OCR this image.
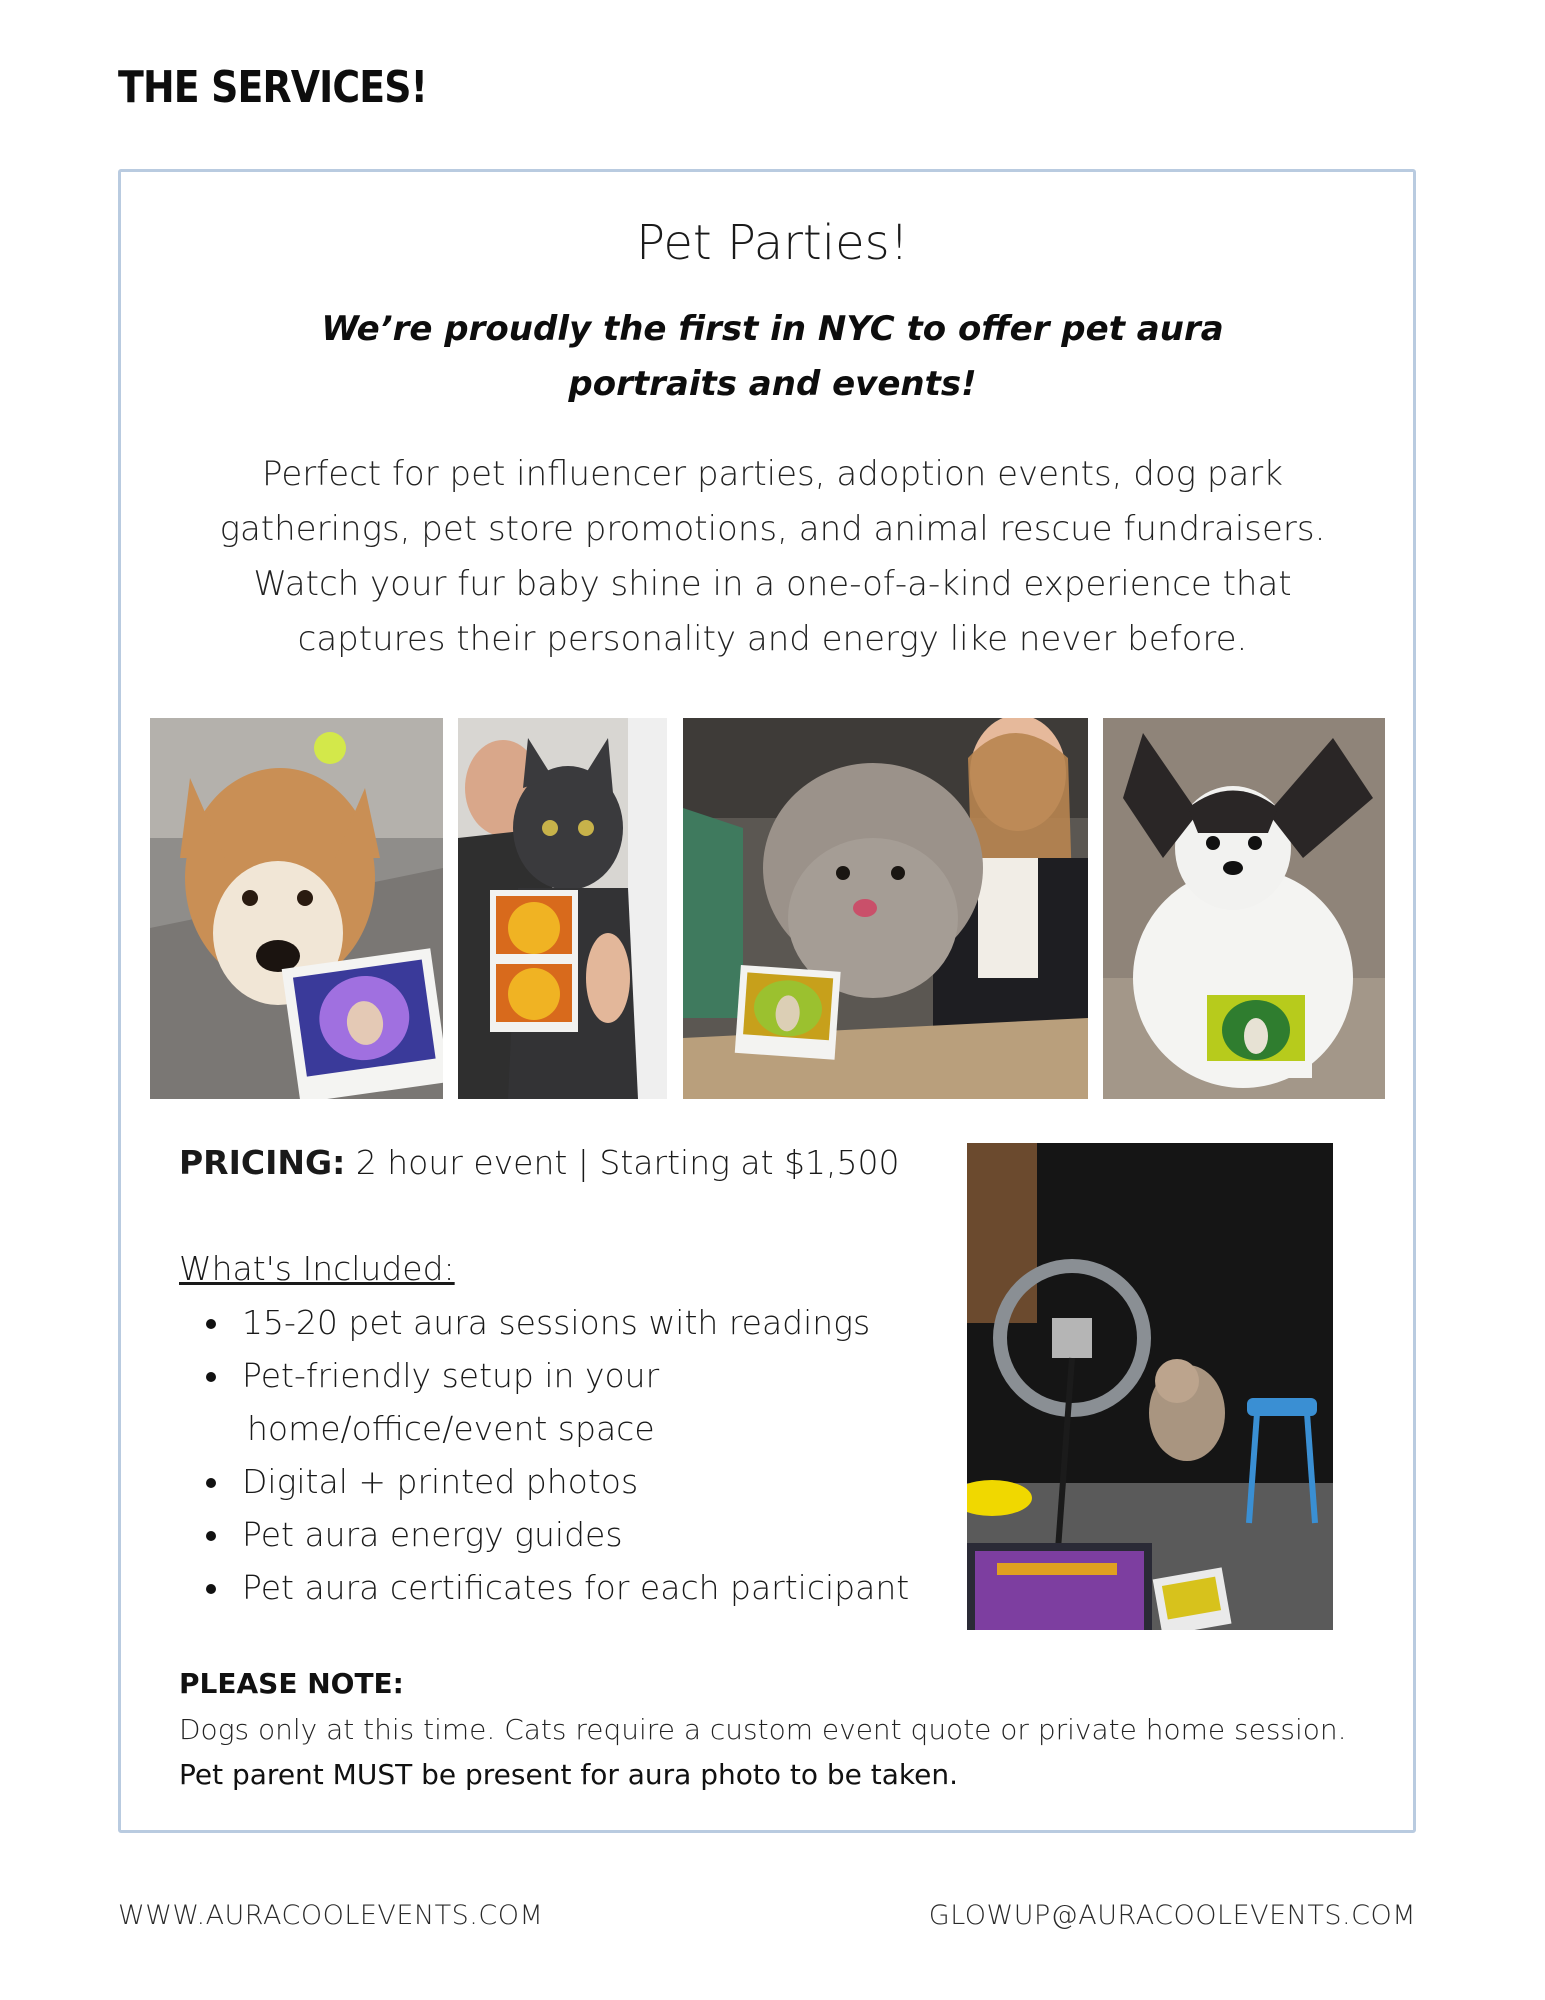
THE SERVICES!
Pet Parties!
We’re proudly the first in NYC to offer pet aura
portraits and events!
Perfect for pet influencer parties, adoption events, dog park
gatherings, pet store promotions, and animal rescue fundraisers.
Watch your fur baby shine in a one-of-a-kind experience that
captures their personality and energy like never before.
PRICING: 2 hour event | Starting at $1,500
What's Included:
15-20 pet aura sessions with readings
Pet-friendly setup in your
home/office/event space
Digital + printed photos
Pet aura energy guides
Pet aura certificates for each participant
PLEASE NOTE:
Dogs only at this time. Cats require a custom event quote or private home session.
Pet parent MUST be present for aura photo to be taken.
WWW.AURACOOLEVENTS.COM	GLOWUP@AURACOOLEVENTS.COM
